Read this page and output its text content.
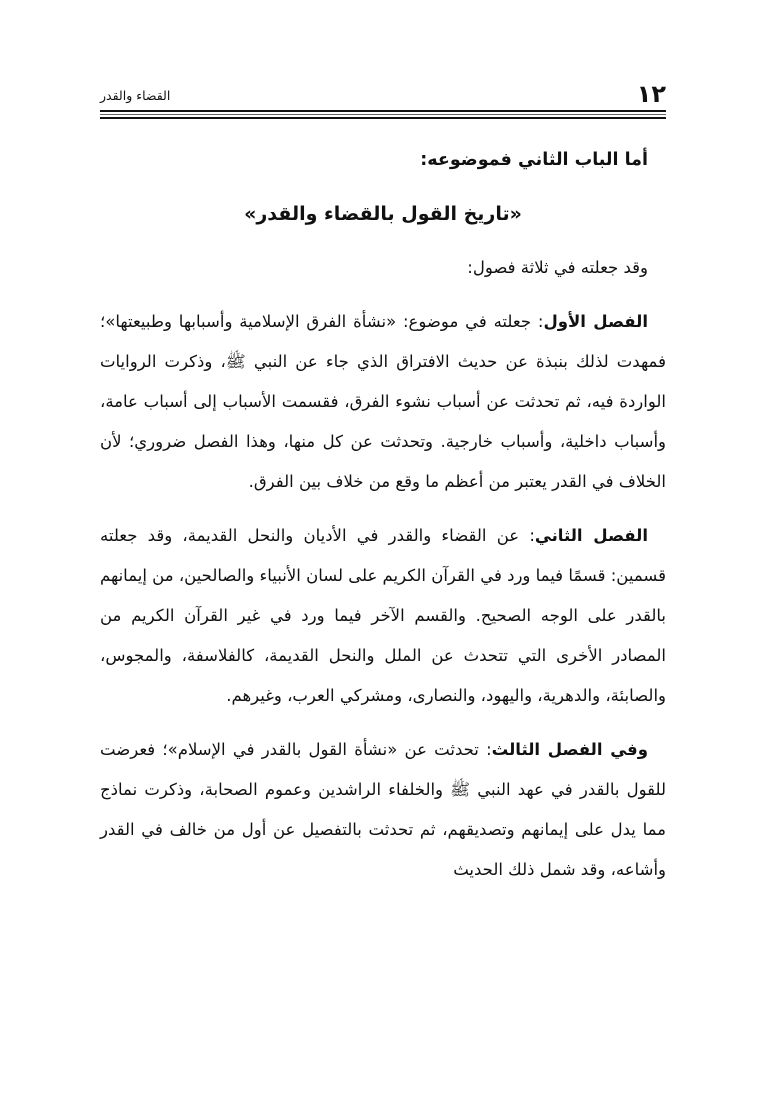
١٢
القضاء والقدر

أما الباب الثاني فموضوعه:

«تاريخ القول بالقضاء والقدر»

وقد جعلته في ثلاثة فصول:

الفصل الأول: جعلته في موضوع: «نشأة الفرق الإسلامية وأسبابها وطبيعتها»؛ فمهدت لذلك بنبذة عن حديث الافتراق الذي جاء عن النبي ﷺ، وذكرت الروايات الواردة فيه، ثم تحدثت عن أسباب نشوء الفرق، فقسمت الأسباب إلى أسباب عامة، وأسباب داخلية، وأسباب خارجية. وتحدثت عن كل منها، وهذا الفصل ضروري؛ لأن الخلاف في القدر يعتبر من أعظم ما وقع من خلاف بين الفرق.

الفصل الثاني: عن القضاء والقدر في الأديان والنحل القديمة، وقد جعلته قسمين: قسمًا فيما ورد في القرآن الكريم على لسان الأنبياء والصالحين، من إيمانهم بالقدر على الوجه الصحيح. والقسم الآخر فيما ورد في غير القرآن الكريم من المصادر الأخرى التي تتحدث عن الملل والنحل القديمة، كالفلاسفة، والمجوس، والصابئة، والدهرية، واليهود، والنصارى، ومشركي العرب، وغيرهم.

وفي الفصل الثالث: تحدثت عن «نشأة القول بالقدر في الإسلام»؛ فعرضت للقول بالقدر في عهد النبي ﷺ والخلفاء الراشدين وعموم الصحابة، وذكرت نماذج مما يدل على إيمانهم وتصديقهم، ثم تحدثت بالتفصيل عن أول من خالف في القدر وأشاعه، وقد شمل ذلك الحديث
